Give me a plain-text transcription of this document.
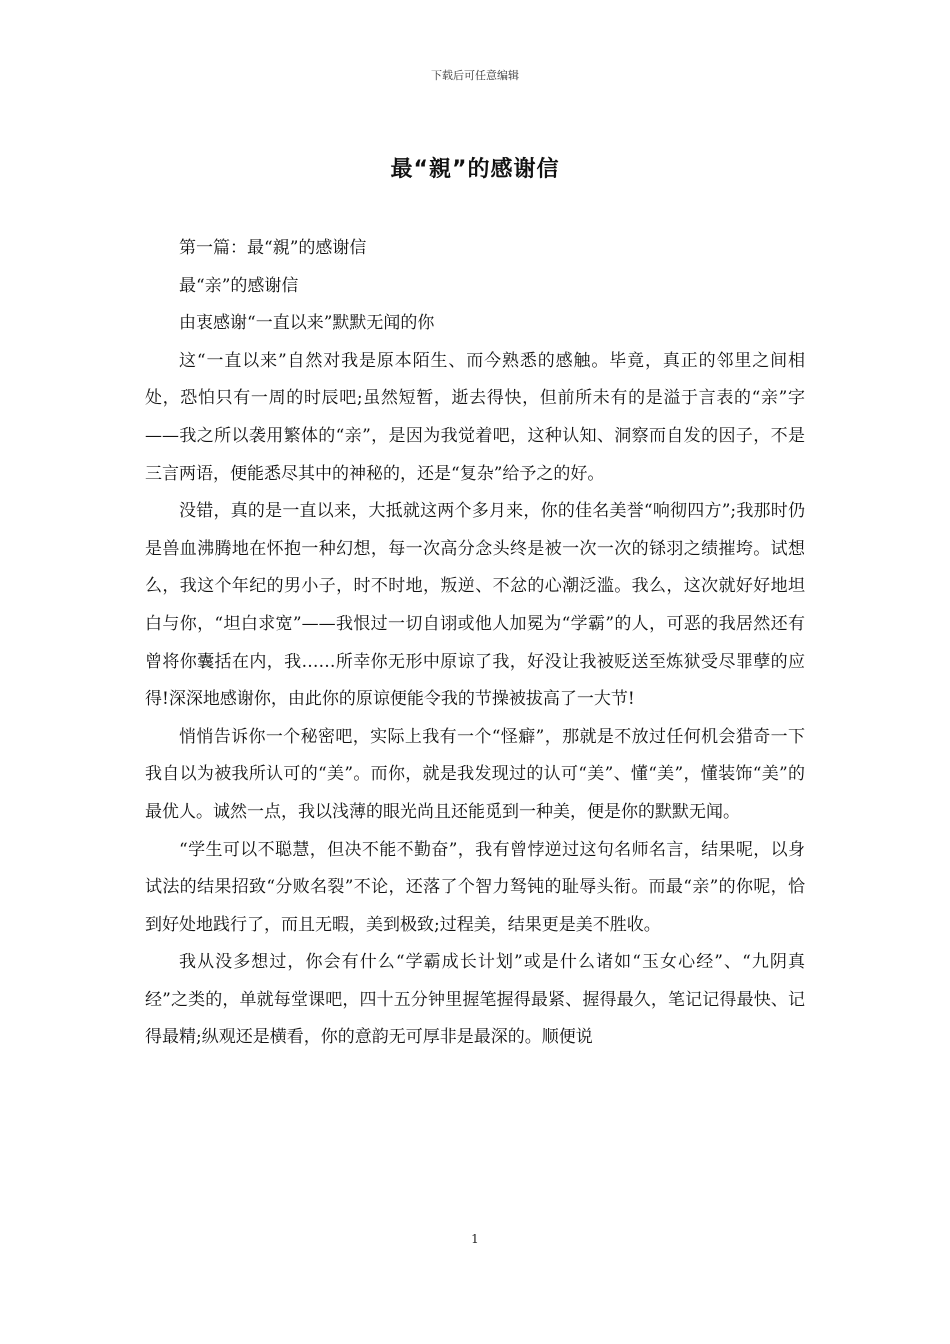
下载后可任意编辑
最“親”的感谢信

第一篇：最“親”的感谢信

最“亲”的感谢信

由衷感谢“一直以来”默默无闻的你

这“一直以来”自然对我是原本陌生、而今熟悉的感触。毕竟，真正的邻里之间相处，恐怕只有一周的时辰吧;虽然短暂，逝去得快，但前所未有的是溢于言表的“亲”字——我之所以袭用繁体的“亲”，是因为我觉着吧，这种认知、洞察而自发的因子，不是三言两语，便能悉尽其中的神秘的，还是“复杂”给予之的好。

没错，真的是一直以来，大抵就这两个多月来，你的佳名美誉“响彻四方”;我那时仍是兽血沸腾地在怀抱一种幻想，每一次高分念头终是被一次一次的铩羽之绩摧垮。试想么，我这个年纪的男小子，时不时地，叛逆、不忿的心潮泛滥。我么，这次就好好地坦白与你，“坦白求宽”——我恨过一切自诩或他人加冕为“学霸”的人，可恶的我居然还有曾将你囊括在内，我……所幸你无形中原谅了我，好没让我被贬送至炼狱受尽罪孽的应得!深深地感谢你，由此你的原谅便能令我的节操被拔高了一大节!

悄悄告诉你一个秘密吧，实际上我有一个“怪癖”，那就是不放过任何机会猎奇一下我自以为被我所认可的“美”。而你，就是我发现过的认可“美”、懂“美”，懂装饰“美”的最优人。诚然一点，我以浅薄的眼光尚且还能觅到一种美，便是你的默默无闻。

“学生可以不聪慧，但决不能不勤奋”，我有曾悖逆过这句名师名言，结果呢，以身试法的结果招致“分败名裂”不论，还落了个智力驽钝的耻辱头衔。而最“亲”的你呢，恰到好处地践行了，而且无暇，美到极致;过程美，结果更是美不胜收。

我从没多想过，你会有什么“学霸成长计划”或是什么诸如“玉女心经”、“九阴真经”之类的，单就每堂课吧，四十五分钟里握笔握得最紧、握得最久，笔记记得最快、记得最精;纵观还是横看，你的意韵无可厚非是最深的。顺便说

1
